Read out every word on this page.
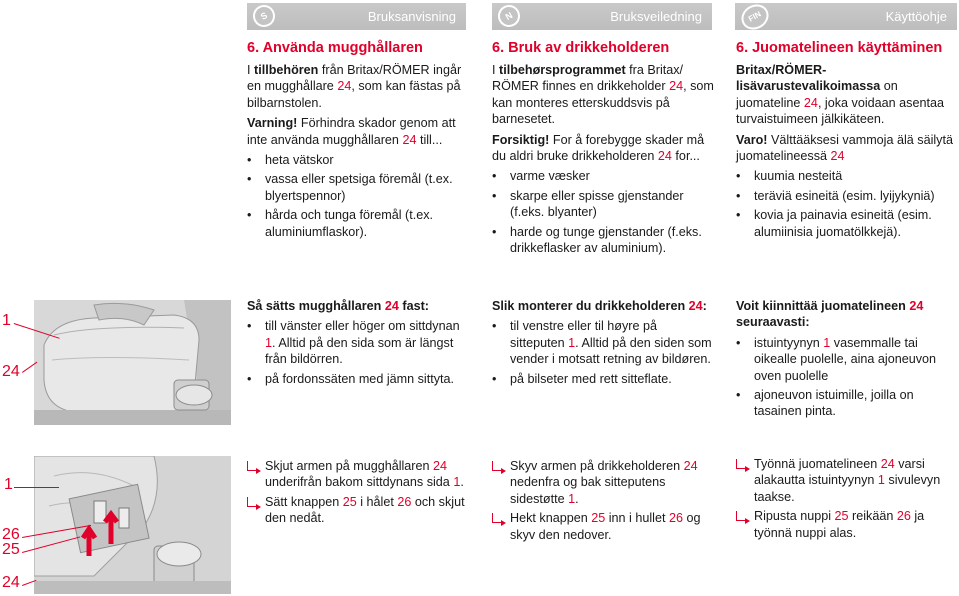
S	Bruksanvisning	N	Bruksveiledning	FIN	Käyttöohje
6. Använda mugghållaren

I tillbehören från Britax/RÖMER ingår en mugghållare 24, som kan fästas på bilbarnstolen.

Varning! Förhindra skador genom att inte använda mugghållaren 24 till...

• heta vätskor
• vassa eller spetsiga föremål (t.ex. blyertspennor)
• hårda och tunga föremål (t.ex. aluminiumflaskor).
6. Bruk av drikkeholderen

I tilbehørsprogrammet fra Britax/ RÖMER finnes en drikkeholder 24, som kan monteres etterskuddsvis på barnesetet.

Forsiktig! For å forebygge skader må du aldri bruke drikkeholderen 24 for...

• varme væsker
• skarpe eller spisse gjenstander (f.eks. blyanter)
• harde og tunge gjenstander (f.eks. drikkeflasker av aluminium).
6. Juomatelineen käyttäminen

Britax/RÖMER-lisävarustevalikoimassa on juomateline 24, joka voidaan asentaa turvaistuimeen jälkikäteen.

Varo! Välttääksesi vammoja älä säilytä juomatelineessä 24

• kuumia nesteitä
• teräviä esineitä (esim. lyijykyniä)
• kovia ja painavia esineitä (esim. alumiinisia juomatölkkejä).
1
24

Så sätts mugghållaren 24 fast:

• till vänster eller höger om sittdynan 1. Alltid på den sida som är längst från bildörren.
• på fordonssäten med jämn sittyta.

Slik monterer du drikkeholderen 24:

• til venstre eller til høyre på sitteputen 1. Alltid på den siden som vender i motsatt retning av bildøren.
• på bilseter med rett sitteflate.

Voit kiinnittää juomatelineen 24 seuraavasti:

• istuintyynyn 1 vasemmalle tai oikealle puolelle, aina ajoneuvon oven puolelle
• ajoneuvon istuimille, joilla on tasainen pinta.
1
26
25
24
Skjut armen på mugghållaren 24 underifrån bakom sittdynans sida 1.
Sätt knappen 25 i hålet 26 och skjut den nedåt.
Skyv armen på drikkeholderen 24 nedenfra og bak sitteputens sidestøtte 1.
Hekt knappen 25 inn i hullet 26 og skyv den nedover.
Työnnä juomatelineen 24 varsi alakautta istuintyynyn 1 sivulevyn taakse.
Ripusta nuppi 25 reikään 26 ja työnnä nuppi alas.
